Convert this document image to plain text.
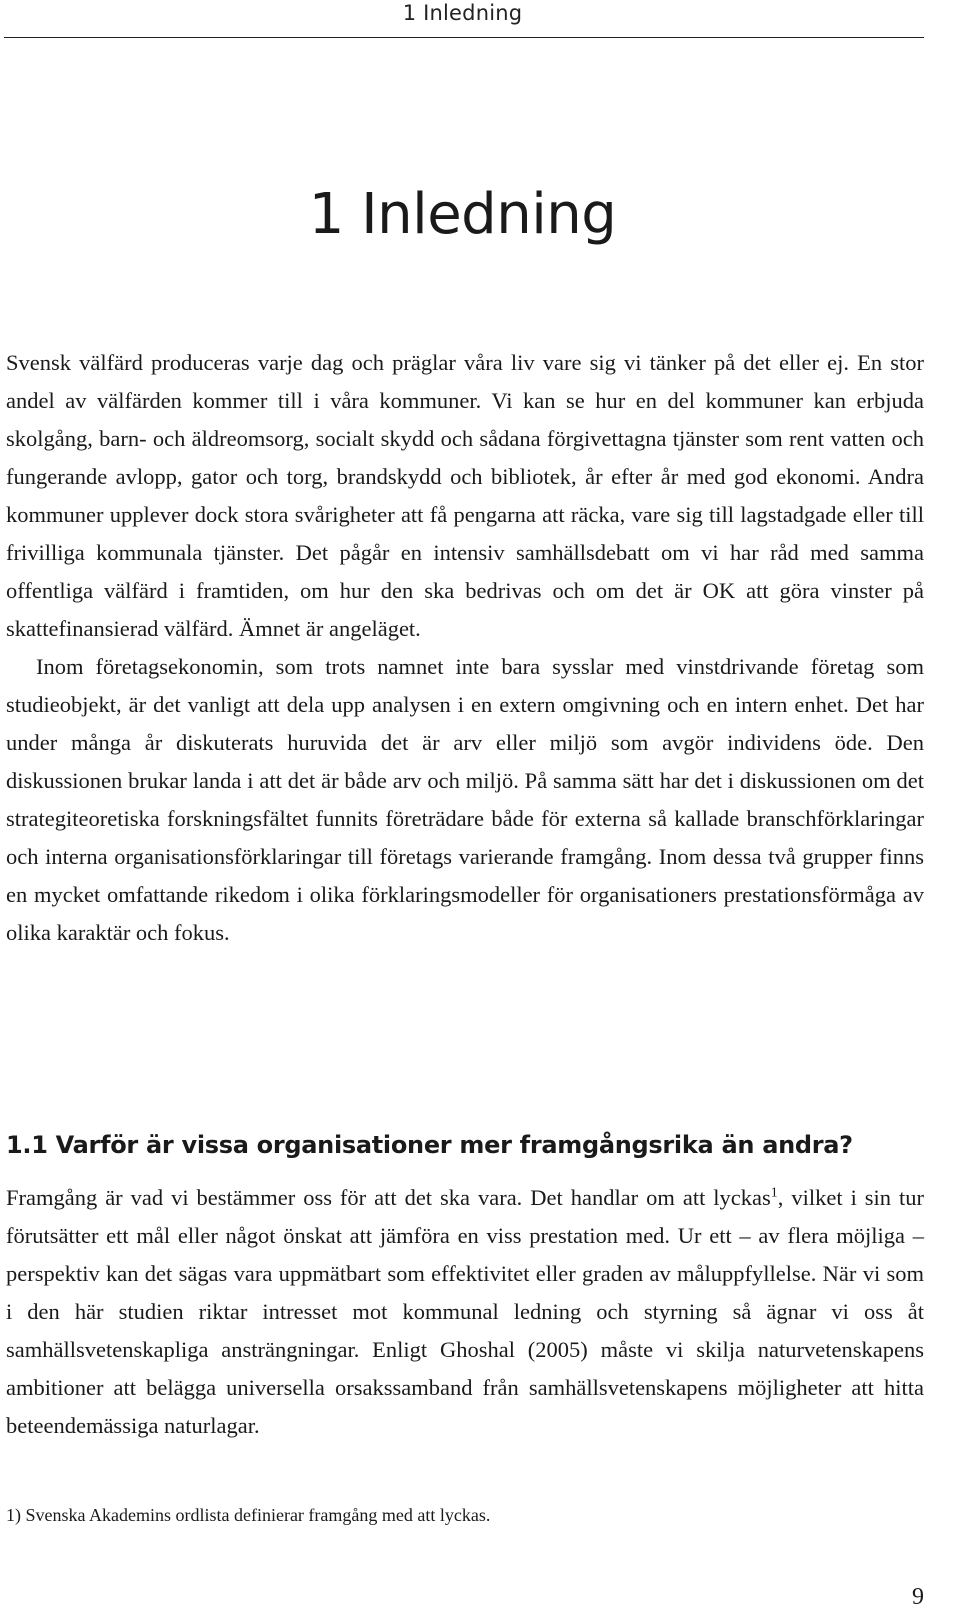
1 Inledning
1 Inledning

Svensk välfärd produceras varje dag och präglar våra liv vare sig vi tänker på det eller ej. En stor andel av välfärden kommer till i våra kommuner. Vi kan se hur en del kommuner kan erbjuda skolgång, barn- och äldreomsorg, socialt skydd och sådana förgivettagna tjänster som rent vatten och fungerande avlopp, gator och torg, brandskydd och bibliotek, år efter år med god ekonomi. Andra kommuner upplever dock stora svårigheter att få pengarna att räcka, vare sig till lagstadgade eller till frivilliga kommunala tjänster. Det pågår en intensiv samhällsdebatt om vi har råd med samma offentliga välfärd i framtiden, om hur den ska bedrivas och om det är OK att göra vinster på skattefinansierad välfärd. Ämnet är angeläget.

Inom företagsekonomin, som trots namnet inte bara sysslar med vinstdrivande företag som studieobjekt, är det vanligt att dela upp analysen i en extern omgivning och en intern enhet. Det har under många år diskuterats huruvida det är arv eller miljö som avgör individens öde. Den diskussionen brukar landa i att det är både arv och miljö. På samma sätt har det i diskussionen om det strategiteoretiska forskningsfältet funnits företrädare både för externa så kallade branschförklaringar och interna organisationsförklaringar till företags varierande framgång. Inom dessa två grupper finns en mycket omfattande rikedom i olika förklaringsmodeller för organisationers prestationsförmåga av olika karaktär och fokus.

1.1 Varför är vissa organisationer mer framgångsrika än andra?

Framgång är vad vi bestämmer oss för att det ska vara. Det handlar om att lyckas$^1$, vilket i sin tur förutsätter ett mål eller något önskat att jämföra en viss prestation med. Ur ett – av flera möjliga – perspektiv kan det sägas vara uppmätbart som effektivitet eller graden av måluppfyllelse. När vi som i den här studien riktar intresset mot kommunal ledning och styrning så ägnar vi oss åt samhällsvetenskapliga ansträngningar. Enligt Ghoshal (2005) måste vi skilja naturvetenskapens ambitioner att belägga universella orsakssamband från samhällsvetenskapens möjligheter att hitta beteendemässiga naturlagar.

1) Svenska Akademins ordlista definierar framgång med att lyckas.
9
